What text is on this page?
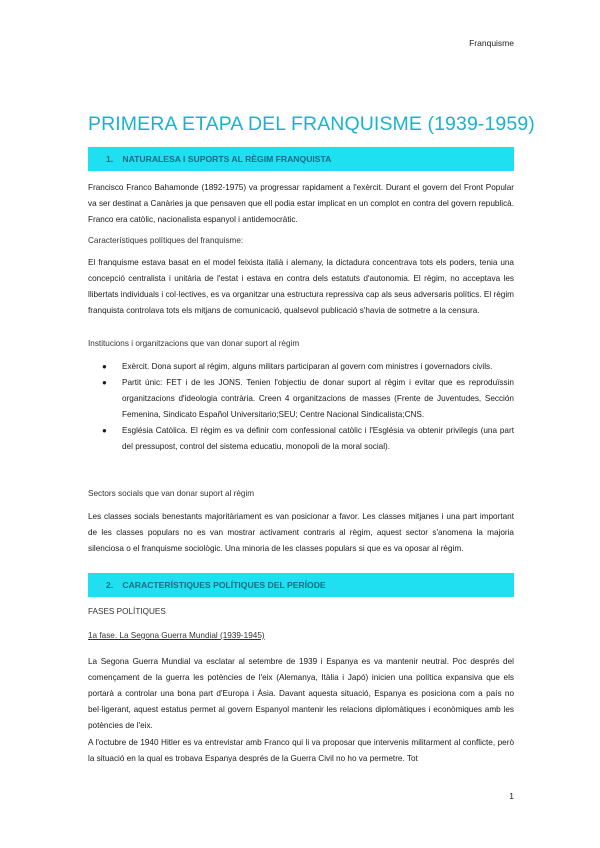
Franquisme
PRIMERA ETAPA DEL FRANQUISME (1939-1959)
1. NATURALESA I SUPORTS AL RÈGIM FRANQUISTA

Francisco Franco Bahamonde (1892-1975) va progressar rapidament a l'exèrcit. Durant el govern del Front Popular va ser destinat a Canàries ja que pensaven que ell podia estar implicat en un complot en contra del govern republicà. Franco era catòlic, nacionalista espanyol i antidemocràtic.

Característiques polítiques del franquisme:

El franquisme estava basat en el model feixista italià i alemany, la dictadura concentrava tots els poders, tenia una concepció centralista i unitària de l'estat i estava en contra dels estatuts d'autonomia. El règim, no acceptava les llibertats individuals i col·lectives, es va organitzar una estructura repressiva cap als seus adversaris polítics. El règim franquista controlava tots els mitjans de comunicació, qualsevol publicació s'havia de sotmetre a la censura.

Institucions i organitzacions que van donar suport al règim
● Exèrcit. Dona suport al règim, alguns militars participaran al govern com ministres i governadors civils.
● Partit únic: FET i de les JONS. Tenien l'objectiu de donar suport al règim i evitar que es reproduïssin organitzacions d'ideologia contrària. Creen 4 organitzacions de masses (Frente de Juventudes, Sección Femenina, Sindicato Español Universitario;SEU; Centre Nacional Sindicalista;CNS.
● Església Catòlica. El règim es va definir com confessional catòlic i l'Església va obtenir privilegis (una part del pressupost, control del sistema educatiu, monopoli de la moral social).
Sectors socials que van donar suport al règim

Les classes socials benestants majoritàriament es van posicionar a favor. Les classes mitjanes i una part important de les classes populars no es van mostrar activament contraris al règim, aquest sector s'anomena la majoria silenciosa o el franquisme sociològic. Una minoria de les classes populars si que es va oposar al règim.

2. CARACTERÍSTIQUES POLÍTIQUES DEL PERÍODE
FASES POLÍTIQUES
1a fase. La Segona Guerra Mundial (1939-1945)

La Segona Guerra Mundial va esclatar al setembre de 1939 i Espanya es va mantenir neutral. Poc després del començament de la guerra les potències de l'eix (Alemanya, Itàlia i Japó) inicien una política expansiva que els portarà a controlar una bona part d'Europa i Àsia. Davant aquesta situació, Espanya es posiciona com a país no bel·ligerant, aquest estatus permet al govern Espanyol mantenir les relacions diplomàtiques i econòmiques amb les potències de l'eix.

A l'octubre de 1940 Hitler es va entrevistar amb Franco qui li va proposar que intervenis militarment al conflicte, però la situació en la qual es trobava Espanya després de la Guerra Civil no ho va permetre. Tot

1
